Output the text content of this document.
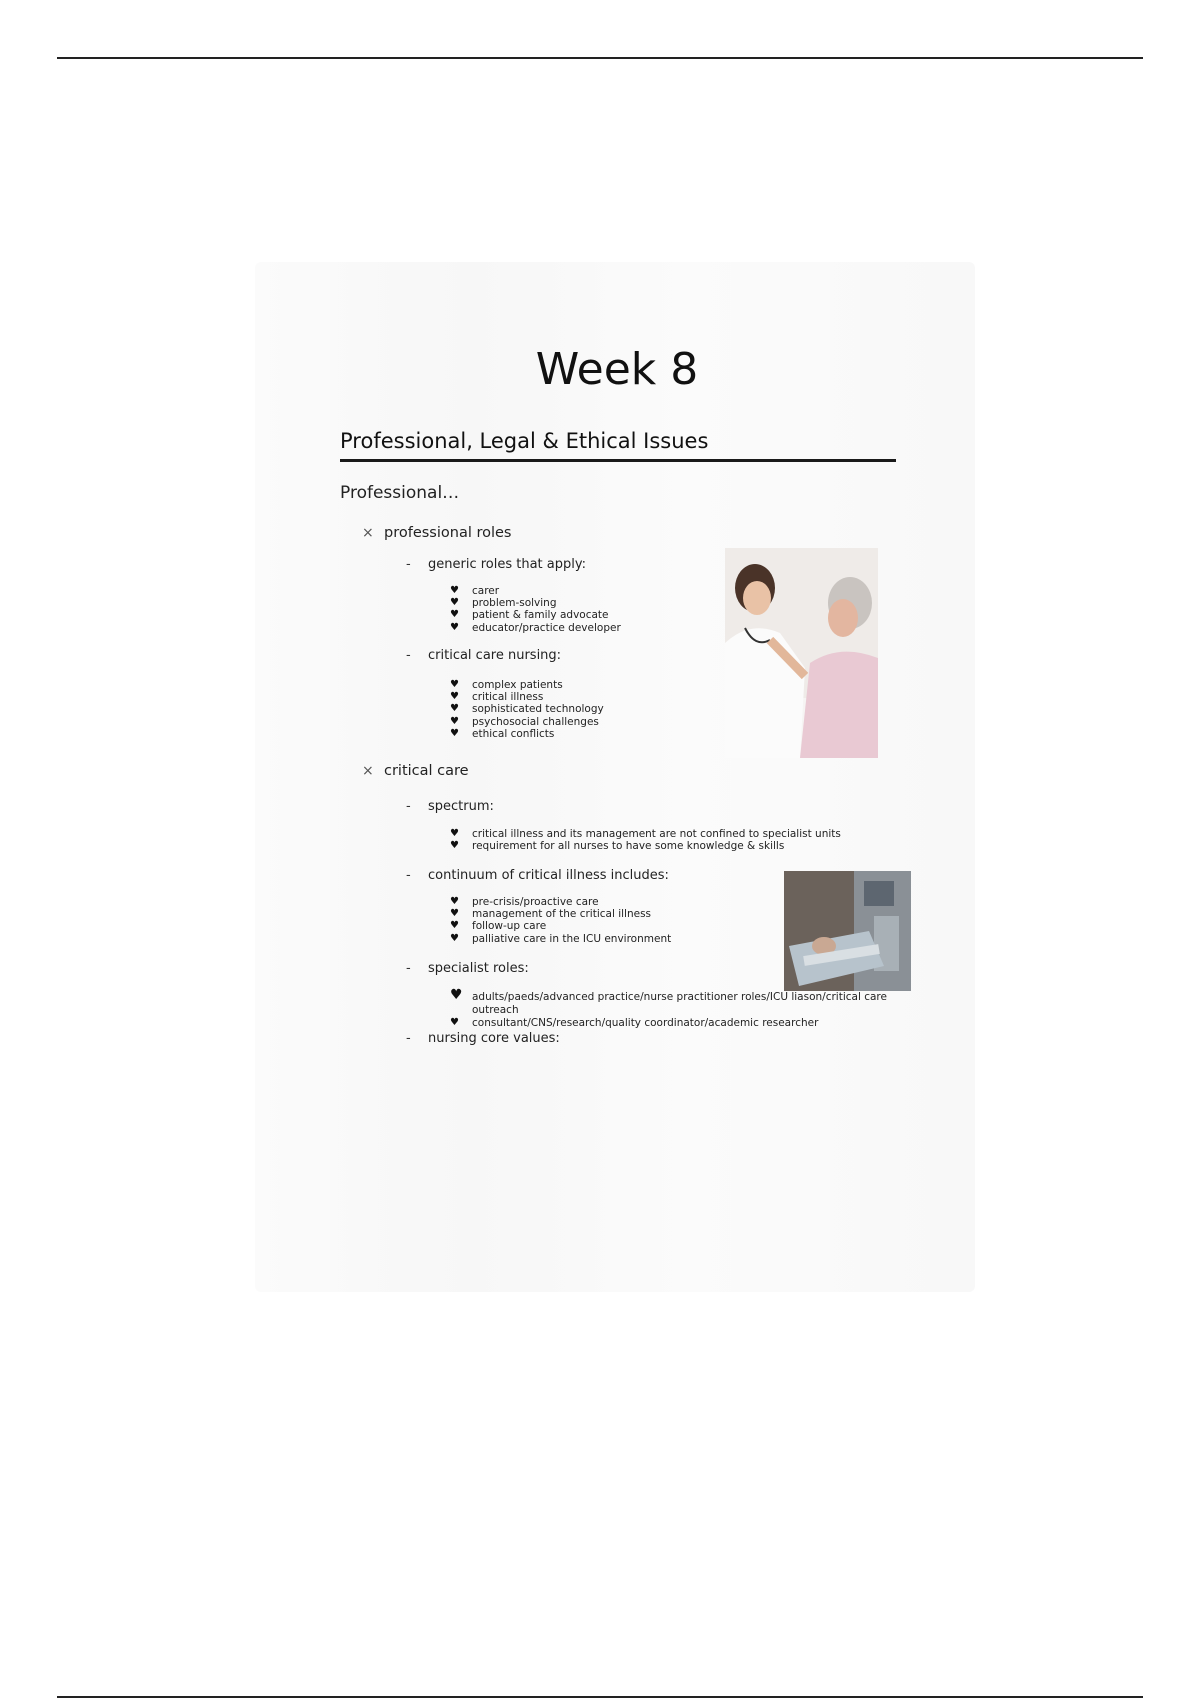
Week 8
Professional, Legal & Ethical Issues
Professional…
× professional roles
- generic roles that apply:
♥ carer
♥ problem-solving
♥ patient & family advocate
♥ educator/practice developer
- critical care nursing:
♥ complex patients
♥ critical illness
♥ sophisticated technology
♥ psychosocial challenges
♥ ethical conflicts
× critical care
- spectrum:
♥ critical illness and its management are not confined to specialist units
♥ requirement for all nurses to have some knowledge & skills
- continuum of critical illness includes:
♥ pre-crisis/proactive care
♥ management of the critical illness
♥ follow-up care
♥ palliative care in the ICU environment
- specialist roles:
♥ adults/paeds/advanced practice/nurse practitioner roles/ICU liason/critical care outreach
♥ consultant/CNS/research/quality coordinator/academic researcher
- nursing core values:
